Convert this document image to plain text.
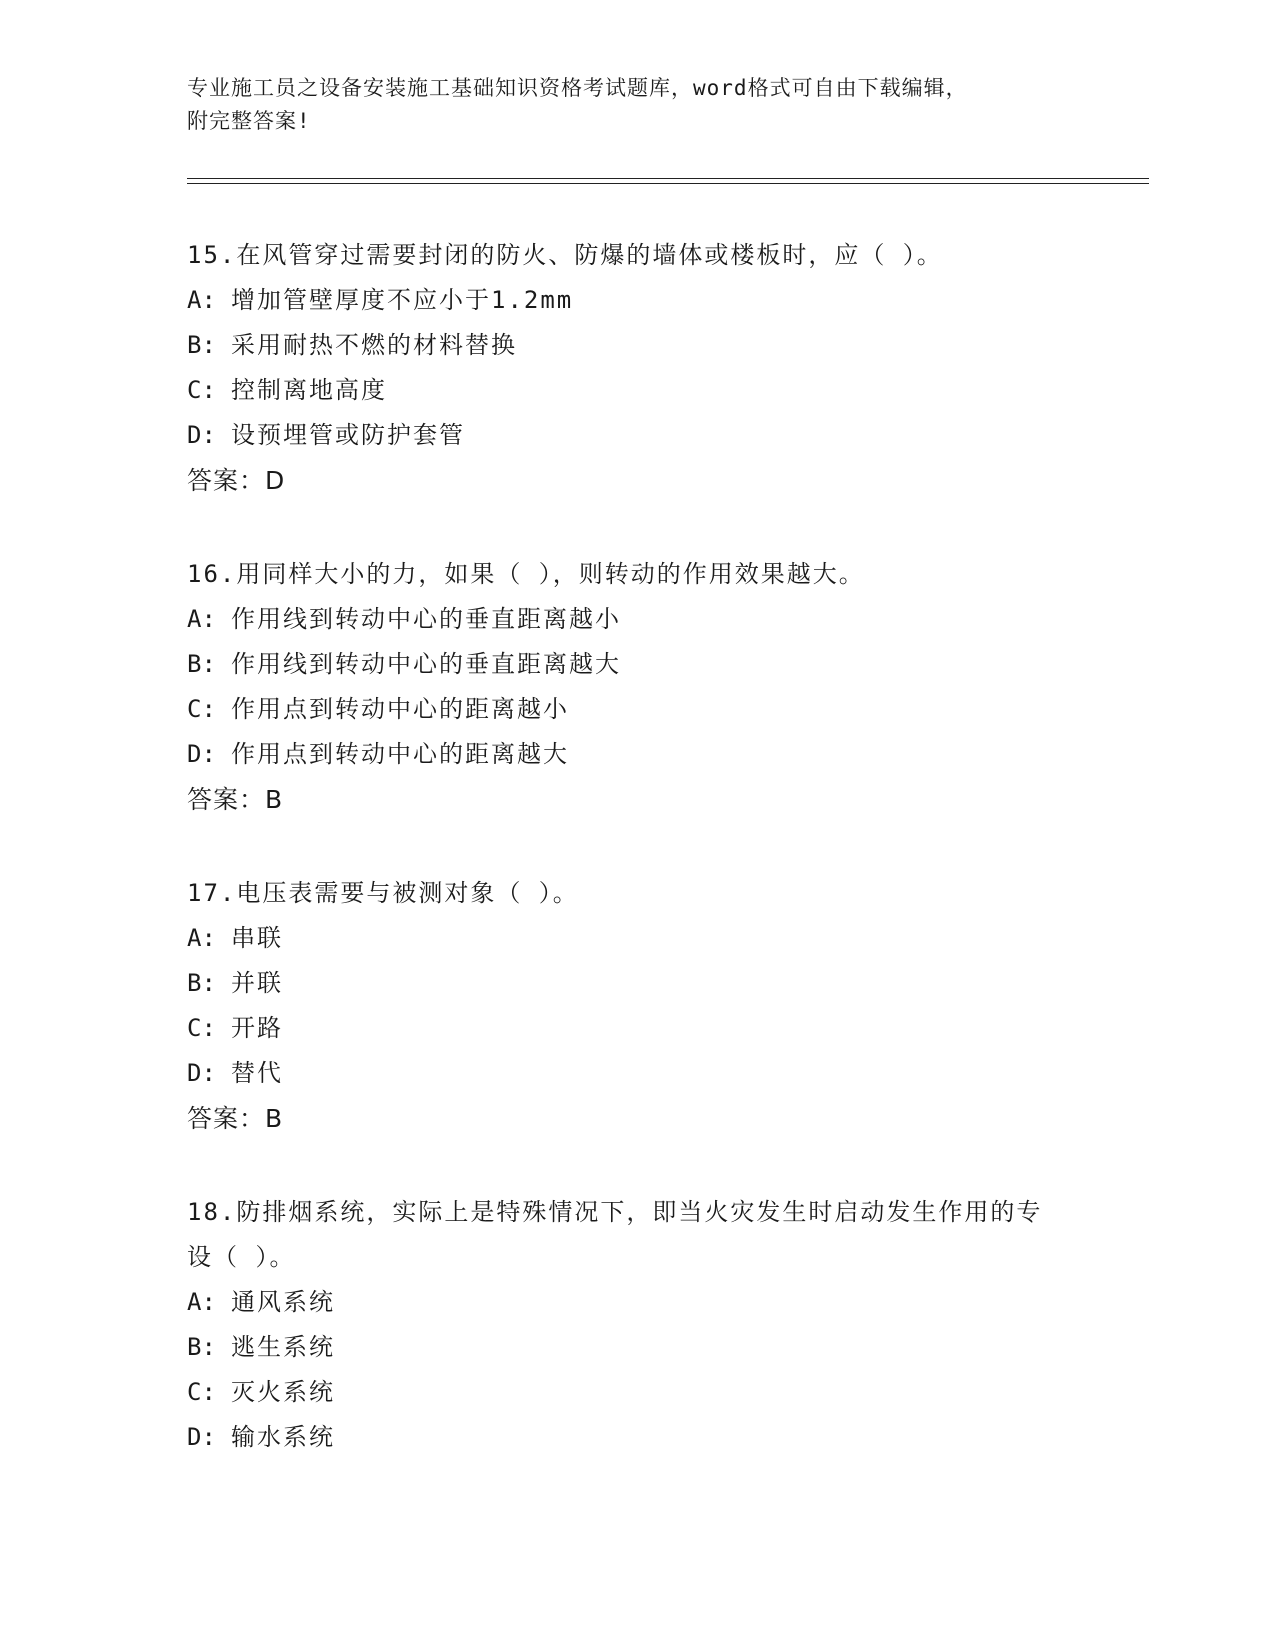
专业施工员之设备安装施工基础知识资格考试题库，word格式可自由下载编辑，
附完整答案!
15.在风管穿过需要封闭的防火、防爆的墙体或楼板时，应（ ）。
A: 增加管壁厚度不应小于1.2mm
B: 采用耐热不燃的材料替换
C: 控制离地高度
D: 设预埋管或防护套管
答案：D
16.用同样大小的力，如果（ ），则转动的作用效果越大。
A: 作用线到转动中心的垂直距离越小
B: 作用线到转动中心的垂直距离越大
C: 作用点到转动中心的距离越小
D: 作用点到转动中心的距离越大
答案：B
17.电压表需要与被测对象（ ）。
A: 串联
B: 并联
C: 开路
D: 替代
答案：B
18.防排烟系统，实际上是特殊情况下，即当火灾发生时启动发生作用的专设（ ）。
A: 通风系统
B: 逃生系统
C: 灭火系统
D: 输水系统
